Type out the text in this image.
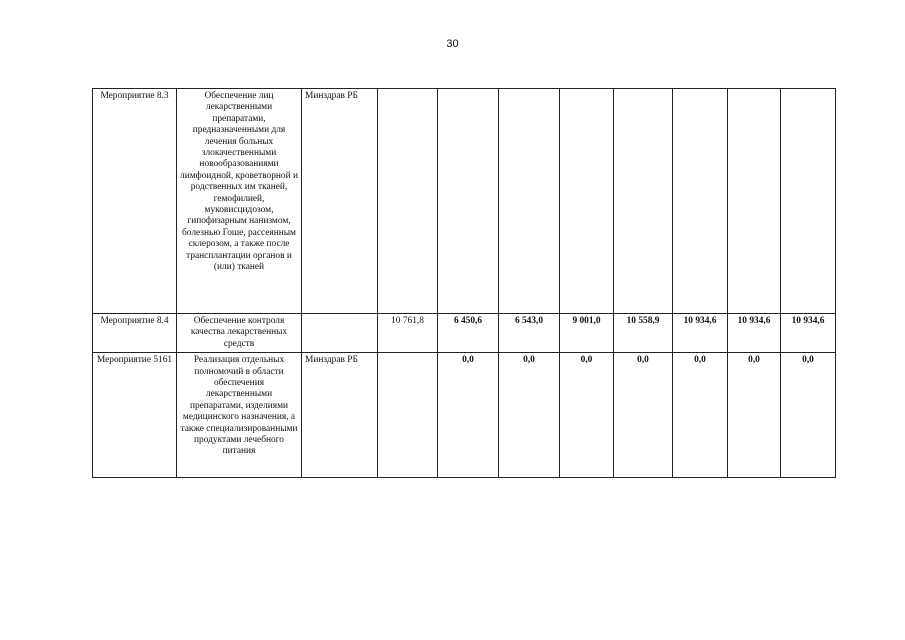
30
Мероприятие 8.3	Обеспечение лиц лекарственными препаратами, предназначенными для лечения больных злокачественными новообразованиями лимфоидной, кроветворной и родственных им тканей, гемофилией, муковисцидозом, гипофизарным нанизмом, болезнью Гоше, рассеянным склерозом, а также после трансплантации органов и (или) тканей	Минздрав РБ								
Мероприятие 8.4	Обеспечение контроля качества лекарственных средств		10 761,8	6 450,6	6 543,0	9 001,0	10 558,9	10 934,6	10 934,6	10 934,6
Мероприятие 5161	Реализация отдельных полномочий в области обеспечения лекарственными препаратами, изделиями медицинского назначения, а также специализированными продуктами лечебного питания	Минздрав РБ		0,0	0,0	0,0	0,0	0,0	0,0	0,0
